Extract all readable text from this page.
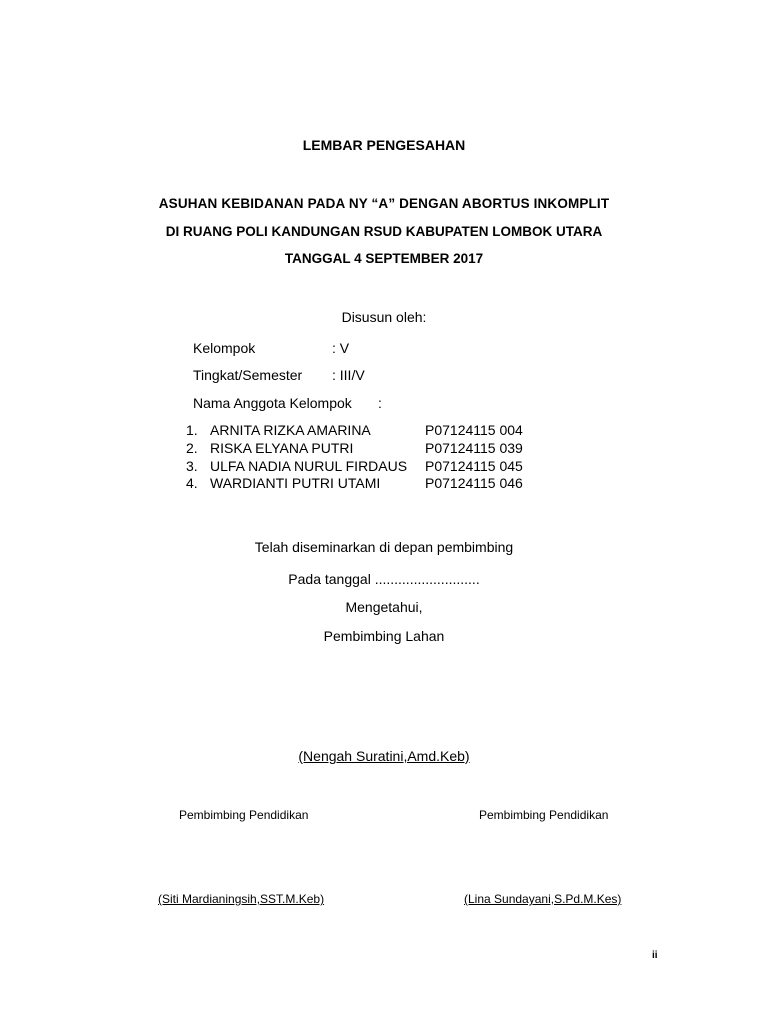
LEMBAR PENGESAHAN
ASUHAN KEBIDANAN PADA NY “A” DENGAN ABORTUS INKOMPLIT
DI RUANG POLI KANDUNGAN RSUD KABUPATEN LOMBOK UTARA
TANGGAL 4 SEPTEMBER 2017
Disusun oleh:
Kelompok	: V
Tingkat/Semester : III/V
Nama Anggota Kelompok :
1. ARNITA RIZKA AMARINA	P07124115 004
2. RISKA ELYANA PUTRI	P07124115 039
3. ULFA NADIA NURUL FIRDAUS P07124115 045
4. WARDIANTI PUTRI UTAMI	P07124115 046
Telah diseminarkan di depan pembimbing
Pada tanggal ...........................
Mengetahui,
Pembimbing Lahan
(Nengah Suratini,Amd.Keb)
Pembimbing Pendidikan	Pembimbing Pendidikan
(Siti Mardianingsih,SST.M.Keb)	(Lina Sundayani,S.Pd.M.Kes)
ii
